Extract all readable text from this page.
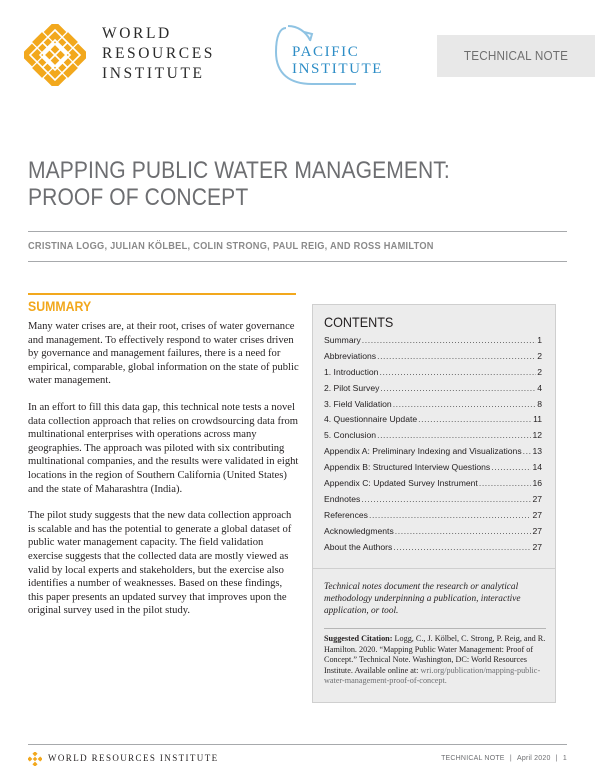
WORLD
RESOURCES
INSTITUTE
PACIFIC
INSTITUTE
TECHNICAL NOTE
MAPPING PUBLIC WATER MANAGEMENT:
PROOF OF CONCEPT
CRISTINA LOGG, JULIAN KÖLBEL, COLIN STRONG, PAUL REIG, AND ROSS HAMILTON
SUMMARY

Many water crises are, at their root, crises of water governance and management. To effectively respond to water crises driven by governance and management failures, there is a need for empirical, comparable, global information on the state of public water management.

In an effort to fill this data gap, this technical note tests a novel data collection approach that relies on crowdsourcing data from multinational enterprises with operations across many geographies. The approach was piloted with six contributing multinational companies, and the results were validated in eight locations in the region of Southern California (United States) and the state of Maharashtra (India).

The pilot study suggests that the new data collection approach is scalable and has the potential to generate a global dataset of public water management capacity. The field validation exercise suggests that the collected data are mostly viewed as valid by local experts and stakeholders, but the exercise also identifies a number of weaknesses. Based on these findings, this paper presents an updated survey that improves upon the original survey used in the pilot study.

CONTENTS
Summary .....	1
Abbreviations .....	2
1. Introduction .....	2
2. Pilot Survey .....	4
3. Field Validation .....	8
4. Questionnaire Update .....	11
5. Conclusion .....	12
Appendix A: Preliminary Indexing and Visualizations ..... 13
Appendix B: Structured Interview Questions .....	14
Appendix C: Updated Survey Instrument .....	16
Endnotes .....	27
References .....	27
Acknowledgments .....	27
About the Authors .....	27
Technical notes document the research or analytical methodology underpinning a publication, interactive application, or tool.
Suggested Citation: Logg, C., J. Kölbel, C. Strong, P. Reig, and R. Hamilton. 2020. “Mapping Public Water Management: Proof of Concept.” Technical Note. Washington, DC: World Resources Institute. Available online at: wri.org/publication/mapping-public-water-management-proof-of-concept.
WORLD RESOURCES INSTITUTE	TECHNICAL NOTE | April 2020 | 1
